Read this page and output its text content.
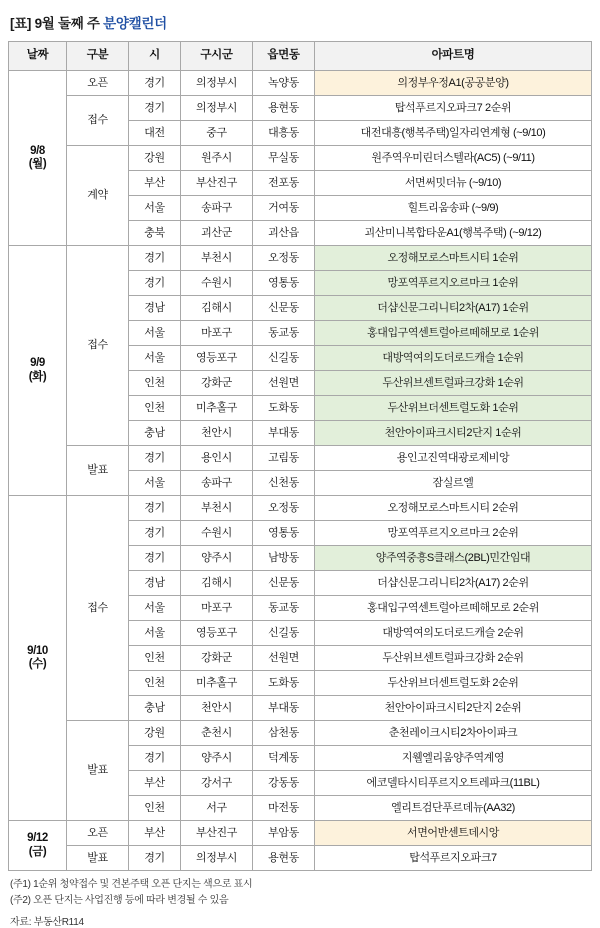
[표] 9월 둘째 주 분양캘린더
날짜	구분	시	구시군	읍면동	아파트명
9/8
(월)	오픈	경기	의정부시	녹양동	의정부우정A1(공공분양)
	접수	경기	의정부시	용현동	탑석푸르지오파크7 2순위
		대전	중구	대흥동	대전대흥(행복주택)일자리연계형 (~9/10)
	계약	강원	원주시	무실동	원주역우미린더스텔라(AC5) (~9/11)
		부산	부산진구	전포동	서면써밋더뉴 (~9/10)
		서울	송파구	거여동	힐트리움송파 (~9/9)
		충북	괴산군	괴산읍	괴산미니복합타운A1(행복주택) (~9/12)
9/9
(화)	접수	경기	부천시	오정동	오정해모로스마트시티 1순위
		경기	수원시	영통동	망포역푸르지오르마크 1순위
		경남	김해시	신문동	더샵신문그리니티2차(A17) 1순위
		서울	마포구	동교동	홍대입구역센트럴아르떼해모로 1순위
		서울	영등포구	신길동	대방역여의도더로드캐슬 1순위
		인천	강화군	선원면	두산위브센트럴파크강화 1순위
		인천	미추홀구	도화동	두산위브더센트럴도화 1순위
		충남	천안시	부대동	천안아이파크시티2단지 1순위
	발표	경기	용인시	고림동	용인고진역대광로제비앙
		서울	송파구	신천동	잠실르엘
9/10
(수)	접수	경기	부천시	오정동	오정해모로스마트시티 2순위
		경기	수원시	영통동	망포역푸르지오르마크 2순위
		경기	양주시	남방동	양주역중흥S클래스(2BL)민간임대
		경남	김해시	신문동	더샵신문그리니티2차(A17) 2순위
		서울	마포구	동교동	홍대입구역센트럴아르떼해모로 2순위
		서울	영등포구	신길동	대방역여의도더로드캐슬 2순위
		인천	강화군	선원면	두산위브센트럴파크강화 2순위
		인천	미추홀구	도화동	두산위브더센트럴도화 2순위
		충남	천안시	부대동	천안아이파크시티2단지 2순위
	발표	강원	춘천시	삼천동	춘천레이크시티2차아이파크
		경기	양주시	덕계동	지웰엘리움양주역계영
		부산	강서구	강동동	에코델타시티푸르지오트레파크(11BL)
		인천	서구	마전동	엘리트검단푸르데뉴(AA32)
9/12
(금)	오픈	부산	부산진구	부암동	서면어반센트데시앙
	발표	경기	의정부시	용현동	탑석푸르지오파크7
(주1) 1순위 청약접수 및 견본주택 오픈 단지는 색으로 표시
(주2) 오픈 단지는 사업진행 등에 따라 변경될 수 있음
자료: 부동산R114
